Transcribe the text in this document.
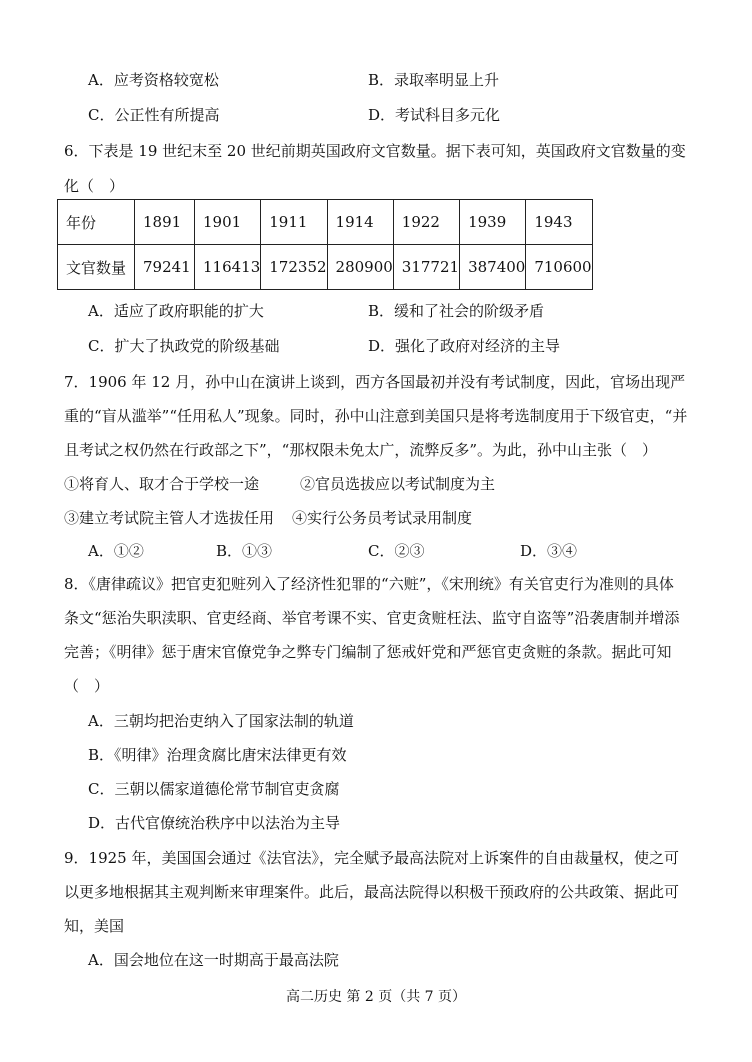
A．应考资格较宽松	B．录取率明显上升
C．公正性有所提高	D．考试科目多元化
6．下表是 19 世纪末至 20 世纪前期英国政府文官数量。据下表可知，英国政府文官数量的变
化（　）
年份	1891	1901	1911	1914	1922	1939	1943
文官数量	79241	116413	172352	280900	317721	387400	710600
A．适应了政府职能的扩大	B．缓和了社会的阶级矛盾
C．扩大了执政党的阶级基础	D．强化了政府对经济的主导
7．1906 年 12 月，孙中山在演讲上谈到，西方各国最初并没有考试制度，因此，官场出现严
重的“盲从滥举”“任用私人”现象。同时，孙中山注意到美国只是将考选制度用于下级官吏，“并
且考试之权仍然在行政部之下”，“那权限未免太广，流弊反多”。为此，孙中山主张（　）
①将育人、取才合于学校一途	②官员选拔应以考试制度为主
③建立考试院主管人才选拔任用 ④实行公务员考试录用制度
A．①②	B．①③	C．②③	D．③④
8．《唐律疏议》把官吏犯赃列入了经济性犯罪的“六赃”，《宋刑统》有关官吏行为准则的具体
条文“惩治失职渎职、官吏经商、举官考课不实、官吏贪赃枉法、监守自盗等”沿袭唐制并增添
完善；《明律》惩于唐宋官僚党争之弊专门编制了惩戒奸党和严惩官吏贪赃的条款。据此可知
（　）
A．三朝均把治吏纳入了国家法制的轨道
B．《明律》治理贪腐比唐宋法律更有效
C．三朝以儒家道德伦常节制官吏贪腐
D．古代官僚统治秩序中以法治为主导
9．1925 年，美国国会通过《法官法》，完全赋予最高法院对上诉案件的自由裁量权，使之可
以更多地根据其主观判断来审理案件。此后，最高法院得以积极干预政府的公共政策、据此可
知，美国
A．国会地位在这一时期高于最高法院
高二历史 第 2 页（共 7 页）
